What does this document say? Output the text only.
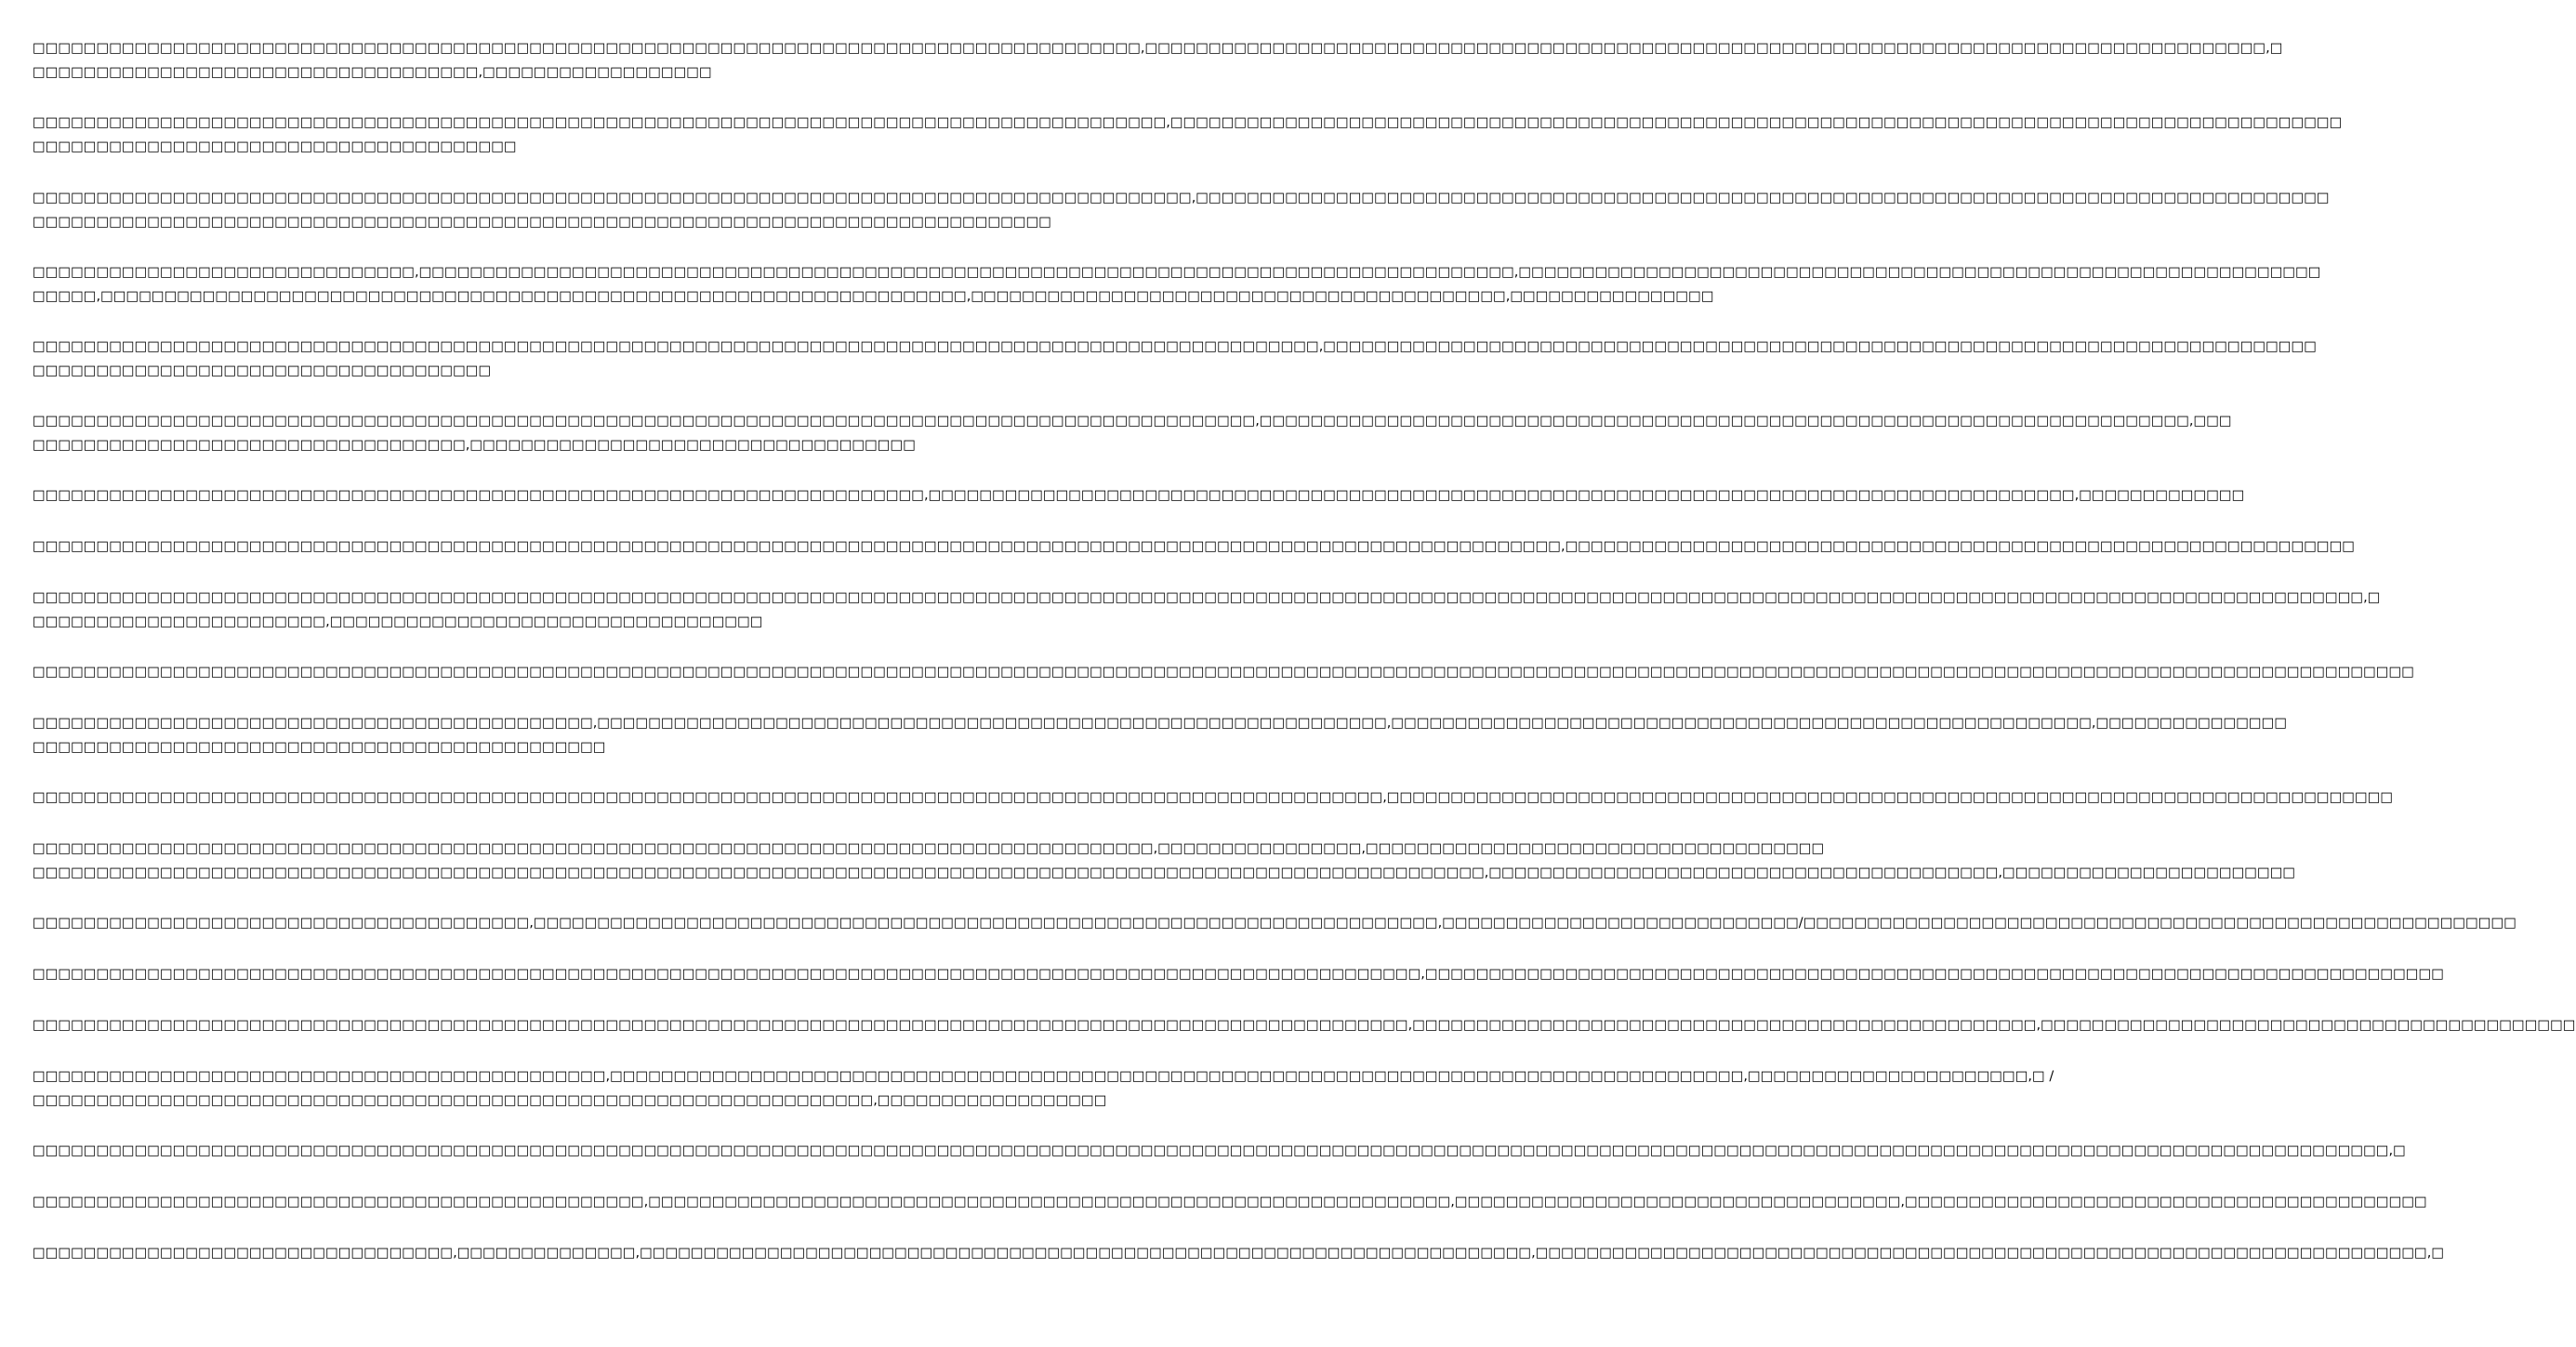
□□□□□□□□□□□□□□□□□□□□□□□□□□□□□□□□□□□□□□□□□□□□□□□□□□□□□□□□□□□□□□□□□□□□□□□□□□□□□□□□□□□□□□□,□□□□□□□□□□□□□□□□□□□□□□□□□□□□□□□□□□□□□□□□□□□□□□□□□□□□□□□□□□□□□□□□□□□□□□□□□□□□□□□□□□□□□□□□,□
□□□□□□□□□□□□□□□□□□□□□□□□□□□□□□□□□□□,□□□□□□□□□□□□□□□□□□
□□□□□□□□□□□□□□□□□□□□□□□□□□□□□□□□□□□□□□□□□□□□□□□□□□□□□□□□□□□□□□□□□□□□□□□□□□□□□□□□□□□□□□□□□,□□□□□□□□□□□□□□□□□□□□□□□□□□□□□□□□□□□□□□□□□□□□□□□□□□□□□□□□□□□□□□□□□□□□□□□□□□□□□□□□□□□□□□□□□□□□
□□□□□□□□□□□□□□□□□□□□□□□□□□□□□□□□□□□□□□
□□□□□□□□□□□□□□□□□□□□□□□□□□□□□□□□□□□□□□□□□□□□□□□□□□□□□□□□□□□□□□□□□□□□□□□□□□□□□□□□□□□□□□□□□□□,□□□□□□□□□□□□□□□□□□□□□□□□□□□□□□□□□□□□□□□□□□□□□□□□□□□□□□□□□□□□□□□□□□□□□□□□□□□□□□□□□□□□□□□□□
□□□□□□□□□□□□□□□□□□□□□□□□□□□□□□□□□□□□□□□□□□□□□□□□□□□□□□□□□□□□□□□□□□□□□□□□□□□□□□□□
□□□□□□□□□□□□□□□□□□□□□□□□□□□□□□,□□□□□□□□□□□□□□□□□□□□□□□□□□□□□□□□□□□□□□□□□□□□□□□□□□□□□□□□□□□□□□□□□□□□□□□□□□□□□□□□□□□□□□,□□□□□□□□□□□□□□□□□□□□□□□□□□□□□□□□□□□□□□□□□□□□□□□□□□□□□□□□□□□□□□□
□□□□□,□□□□□□□□□□□□□□□□□□□□□□□□□□□□□□□□□□□□□□□□□□□□□□□□□□□□□□□□□□□□□□□□□□□□,□□□□□□□□□□□□□□□□□□□□□□□□□□□□□□□□□□□□□□□□□□,□□□□□□□□□□□□□□□□
□□□□□□□□□□□□□□□□□□□□□□□□□□□□□□□□□□□□□□□□□□□□□□□□□□□□□□□□□□□□□□□□□□□□□□□□□□□□□□□□□□□□□□□□□□□□□□□□□□□□□,□□□□□□□□□□□□□□□□□□□□□□□□□□□□□□□□□□□□□□□□□□□□□□□□□□□□□□□□□□□□□□□□□□□□□□□□□□□□□□
□□□□□□□□□□□□□□□□□□□□□□□□□□□□□□□□□□□□
□□□□□□□□□□□□□□□□□□□□□□□□□□□□□□□□□□□□□□□□□□□□□□□□□□□□□□□□□□□□□□□□□□□□□□□□□□□□□□□□□□□□□□□□□□□□□□□□,□□□□□□□□□□□□□□□□□□□□□□□□□□□□□□□□□□□□□□□□□□□□□□□□□□□□□□□□□□□□□□□□□□□□□□□□□,□□□
□□□□□□□□□□□□□□□□□□□□□□□□□□□□□□□□□□,□□□□□□□□□□□□□□□□□□□□□□□□□□□□□□□□□□□
□□□□□□□□□□□□□□□□□□□□□□□□□□□□□□□□□□□□□□□□□□□□□□□□□□□□□□□□□□□□□□□□□□□□□□,□□□□□□□□□□□□□□□□□□□□□□□□□□□□□□□□□□□□□□□□□□□□□□□□□□□□□□□□□□□□□□□□□□□□□□□□□□□□□□□□□□□□□□□□□□,□□□□□□□□□□□□□
□□□□□□□□□□□□□□□□□□□□□□□□□□□□□□□□□□□□□□□□□□□□□□□□□□□□□□□□□□□□□□□□□□□□□□□□□□□□□□□□□□□□□□□□□□□□□□□□□□□□□□□□□□□□□□□□□□□□□□□□,□□□□□□□□□□□□□□□□□□□□□□□□□□□□□□□□□□□□□□□□□□□□□□□□□□□□□□□□□□□□□□
□□□□□□□□□□□□□□□□□□□□□□□□□□□□□□□□□□□□□□□□□□□□□□□□□□□□□□□□□□□□□□□□□□□□□□□□□□□□□□□□□□□□□□□□□□□□□□□□□□□□□□□□□□□□□□□□□□□□□□□□□□□□□□□□□□□□□□□□□□□□□□□□□□□□□□□□□□□□□□□□□□□□□□□□□□□□□□□□□□□□□□□,□
□□□□□□□□□□□□□□□□□□□□□□□,□□□□□□□□□□□□□□□□□□□□□□□□□□□□□□□□□□
□□□□□□□□□□□□□□□□□□□□□□□□□□□□□□□□□□□□□□□□□□□□□□□□□□□□□□□□□□□□□□□□□□□□□□□□□□□□□□□□□□□□□□□□□□□□□□□□□□□□□□□□□□□□□□□□□□□□□□□□□□□□□□□□□□□□□□□□□□□□□□□□□□□□□□□□□□□□□□□□□□□□□□□□□□□□□□□□□□□□□□□□□□□
□□□□□□□□□□□□□□□□□□□□□□□□□□□□□□□□□□□□□□□□□□□□,□□□□□□□□□□□□□□□□□□□□□□□□□□□□□□□□□□□□□□□□□□□□□□□□□□□□□□□□□□□□□□,□□□□□□□□□□□□□□□□□□□□□□□□□□□□□□□□□□□□□□□□□□□□□□□□□□□□□□□,□□□□□□□□□□□□□□□
□□□□□□□□□□□□□□□□□□□□□□□□□□□□□□□□□□□□□□□□□□□□□
□□□□□□□□□□□□□□□□□□□□□□□□□□□□□□□□□□□□□□□□□□□□□□□□□□□□□□□□□□□□□□□□□□□□□□□□□□□□□□□□□□□□□□□□□□□□□□□□□□□□□□□□□□,□□□□□□□□□□□□□□□□□□□□□□□□□□□□□□□□□□□□□□□□□□□□□□□□□□□□□□□□□□□□□□□□□□□□□□□□□□□□□□□
□□□□□□□□□□□□□□□□□□□□□□□□□□□□□□□□□□□□□□□□□□□□□□□□□□□□□□□□□□□□□□□□□□□□□□□□□□□□□□□□□□□□□□□□,□□□□□□□□□□□□□□□□,□□□□□□□□□□□□□□□□□□□□□□□□□□□□□□□□□□□□
□□□□□□□□□□□□□□□□□□□□□□□□□□□□□□□□□□□□□□□□□□□□□□□□□□□□□□□□□□□□□□□□□□□□□□□□□□□□□□□□□□□□□□□□□□□□□□□□□□□□□□□□□□□□□□□□□□,□□□□□□□□□□□□□□□□□□□□□□□□□□□□□□□□□□□□□□□□,□□□□□□□□□□□□□□□□□□□□□□□
□□□□□□□□□□□□□□□□□□□□□□□□□□□□□□□□□□□□□□□,□□□□□□□□□□□□□□□□□□□□□□□□□□□□□□□□□□□□□□□□□□□□□□□□□□□□□□□□□□□□□□□□□□□□□□□,□□□□□□□□□□□□□□□□□□□□□□□□□□□□/□□□□□□□□□□□□□□□□□□□□□□□□□□□□□□□□□□□□□□□□□□□□□□□□□□□□□□□□
□□□□□□□□□□□□□□□□□□□□□□□□□□□□□□□□□□□□□□□□□□□□□□□□□□□□□□□□□□□□□□□□□□□□□□□□□□□□□□□□□□□□□□□□□□□□□□□□□□□□□□□□□□□□□,□□□□□□□□□□□□□□□□□□□□□□□□□□□□□□□□□□□□□□□□□□□□□□□□□□□□□□□□□□□□□□□□□□□□□□□□□□□□□□□□
□□□□□□□□□□□□□□□□□□□□□□□□□□□□□□□□□□□□□□□□□□□□□□□□□□□□□□□□□□□□□□□□□□□□□□□□□□□□□□□□□□□□□□□□□□□□□□□□□□□□□□□□□□□□,□□□□□□□□□□□□□□□□□□□□□□□□□□□□□□□□□□□□□□□□□□□□□□□□□,□□□□□□□□□□□□□□□□□□□□□□□□□□□□□□□□□□□□□□□□□□
□□□□□□□□□□□□□□□□□□□□□□□□□□□□□□□□□□□□□□□□□□□□□,□□□□□□□□□□□□□□□□□□□□□□□□□□□□□□□□□□□□□□□□□□□□□□□□□□□□□□□□□□□□□□□□□□□□□□□□□□□□□□□□□□□□□□□□□,□□□□□□□□□□□□□□□□□□□□□□,□ /
□□□□□□□□□□□□□□□□□□□□□□□□□□□□□□□□□□□□□□□□□□□□□□□□□□□□□□□□□□□□□□□□□□,□□□□□□□□□□□□□□□□□□
□□□□□□□□□□□□□□□□□□□□□□□□□□□□□□□□□□□□□□□□□□□□□□□□□□□□□□□□□□□□□□□□□□□□□□□□□□□□□□□□□□□□□□□□□□□□□□□□□□□□□□□□□□□□□□□□□□□□□□□□□□□□□□□□□□□□□□□□□□□□□□□□□□□□□□□□□□□□□□□□□□□□□□□□□□□□□□□□□□□□□□□□□,□
□□□□□□□□□□□□□□□□□□□□□□□□□□□□□□□□□□□□□□□□□□□□□□□□,□□□□□□□□□□□□□□□□□□□□□□□□□□□□□□□□□□□□□□□□□□□□□□□□□□□□□□□□□□□□□□□,□□□□□□□□□□□□□□□□□□□□□□□□□□□□□□□□□□□,□□□□□□□□□□□□□□□□□□□□□□□□□□□□□□□□□□□□□□□□□
□□□□□□□□□□□□□□□□□□□□□□□□□□□□□□□□□,□□□□□□□□□□□□□□,□□□□□□□□□□□□□□□□□□□□□□□□□□□□□□□□□□□□□□□□□□□□□□□□□□□□□□□□□□□□□□□□□□□□□□,□□□□□□□□□□□□□□□□□□□□□□□□□□□□□□□□□□□□□□□□□□□□□□□□□□□□□□□□□□□□□□□□□□□□□□,□
